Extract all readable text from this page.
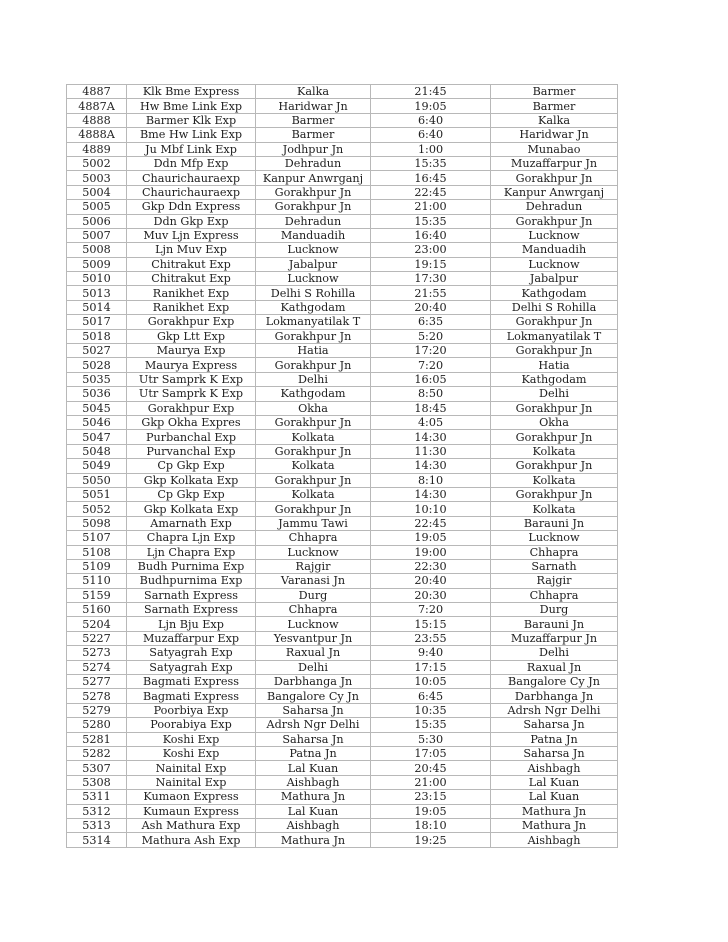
4887	Klk Bme Express	Kalka	21:45	Barmer
4887A	Hw Bme Link Exp	Haridwar Jn	19:05	Barmer
4888	Barmer Klk Exp	Barmer	6:40	Kalka
4888A	Bme Hw Link Exp	Barmer	6:40	Haridwar Jn
4889	Ju Mbf Link Exp	Jodhpur Jn	1:00	Munabao
5002	Ddn Mfp Exp	Dehradun	15:35	Muzaffarpur Jn
5003	Chaurichauraexp	Kanpur Anwrganj	16:45	Gorakhpur Jn
5004	Chaurichauraexp	Gorakhpur Jn	22:45	Kanpur Anwrganj
5005	Gkp Ddn Express	Gorakhpur Jn	21:00	Dehradun
5006	Ddn Gkp Exp	Dehradun	15:35	Gorakhpur Jn
5007	Muv Ljn Express	Manduadih	16:40	Lucknow
5008	Ljn Muv Exp	Lucknow	23:00	Manduadih
5009	Chitrakut Exp	Jabalpur	19:15	Lucknow
5010	Chitrakut Exp	Lucknow	17:30	Jabalpur
5013	Ranikhet Exp	Delhi S Rohilla	21:55	Kathgodam
5014	Ranikhet Exp	Kathgodam	20:40	Delhi S Rohilla
5017	Gorakhpur Exp	Lokmanyatilak T	6:35	Gorakhpur Jn
5018	Gkp Ltt Exp	Gorakhpur Jn	5:20	Lokmanyatilak T
5027	Maurya Exp	Hatia	17:20	Gorakhpur Jn
5028	Maurya Express	Gorakhpur Jn	7:20	Hatia
5035	Utr Samprk K Exp	Delhi	16:05	Kathgodam
5036	Utr Samprk K Exp	Kathgodam	8:50	Delhi
5045	Gorakhpur Exp	Okha	18:45	Gorakhpur Jn
5046	Gkp Okha Expres	Gorakhpur Jn	4:05	Okha
5047	Purbanchal Exp	Kolkata	14:30	Gorakhpur Jn
5048	Purvanchal Exp	Gorakhpur Jn	11:30	Kolkata
5049	Cp Gkp Exp	Kolkata	14:30	Gorakhpur Jn
5050	Gkp Kolkata Exp	Gorakhpur Jn	8:10	Kolkata
5051	Cp Gkp Exp	Kolkata	14:30	Gorakhpur Jn
5052	Gkp Kolkata Exp	Gorakhpur Jn	10:10	Kolkata
5098	Amarnath Exp	Jammu Tawi	22:45	Barauni Jn
5107	Chapra Ljn Exp	Chhapra	19:05	Lucknow
5108	Ljn Chapra Exp	Lucknow	19:00	Chhapra
5109	Budh Purnima Exp	Rajgir	22:30	Sarnath
5110	Budhpurnima Exp	Varanasi Jn	20:40	Rajgir
5159	Sarnath Express	Durg	20:30	Chhapra
5160	Sarnath Express	Chhapra	7:20	Durg
5204	Ljn Bju Exp	Lucknow	15:15	Barauni Jn
5227	Muzaffarpur Exp	Yesvantpur Jn	23:55	Muzaffarpur Jn
5273	Satyagrah Exp	Raxual Jn	9:40	Delhi
5274	Satyagrah Exp	Delhi	17:15	Raxual Jn
5277	Bagmati Express	Darbhanga Jn	10:05	Bangalore Cy Jn
5278	Bagmati Express	Bangalore Cy Jn	6:45	Darbhanga Jn
5279	Poorbiya Exp	Saharsa Jn	10:35	Adrsh Ngr Delhi
5280	Poorabiya Exp	Adrsh Ngr Delhi	15:35	Saharsa Jn
5281	Koshi Exp	Saharsa Jn	5:30	Patna Jn
5282	Koshi Exp	Patna Jn	17:05	Saharsa Jn
5307	Nainital Exp	Lal Kuan	20:45	Aishbagh
5308	Nainital Exp	Aishbagh	21:00	Lal Kuan
5311	Kumaon Express	Mathura Jn	23:15	Lal Kuan
5312	Kumaun Express	Lal Kuan	19:05	Mathura Jn
5313	Ash Mathura Exp	Aishbagh	18:10	Mathura Jn
5314	Mathura Ash Exp	Mathura Jn	19:25	Aishbagh
